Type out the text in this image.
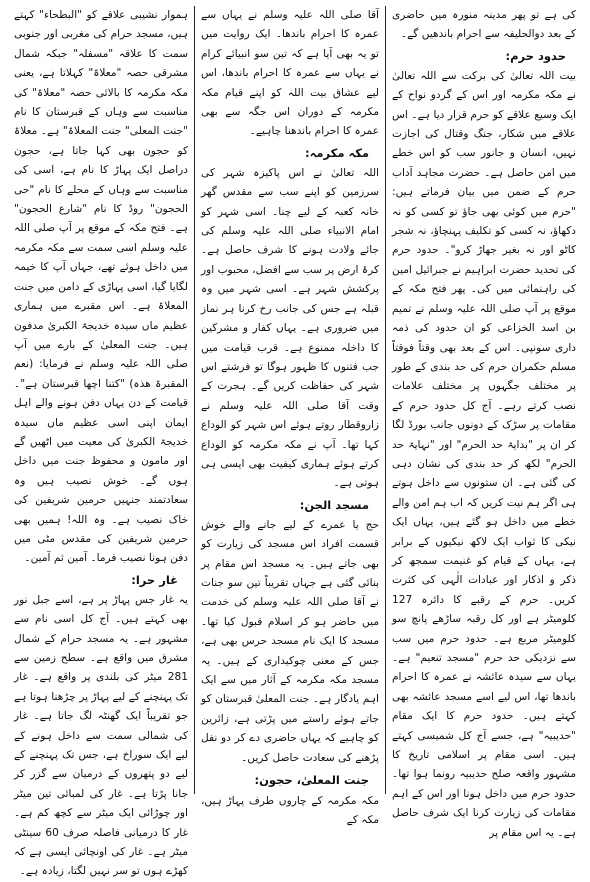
کی ہے تو پھر مدینہ منورہ میں حاضری کے بعد دوالحلیفہ سے احرام باندھیں گے۔

حدود حرم:

بیت اللہ تعالیٰ کی برکت سے اللہ تعالیٰ نے مکہ مکرمہ اور اس کے گردو نواح کے ایک وسیع علاقے کو حرم قرار دیا ہے۔ اس علاقے میں شکار، جنگ وقتال کی اجازت نہیں، انسان و جانور سب کو اس خطے میں امن حاصل ہے۔ حضرت مجاہد آداب حرم کے ضمن میں بیان فرماتے ہیں: "حرم میں کوئی بھی جاؤ تو کسی کو نہ دکھاؤ، نہ کسی کو تکلیف پہنچاؤ، نہ شجر کاٹو اور نہ بغیر جھاڑ کرو"۔ حدود حرم کی تحدید حضرت ابراہیم نے جبرائیل امین کی راہنمائی میں کی۔ پھر فتح مکہ کے موقع پر آپ صلی اللہ علیہ وسلم نے تمیم بن اسد الخزاعی کو ان حدود کی ذمہ داری سونپی۔ اس کے بعد بھی وقتاً فوقتاً مسلم حکمران حرم کی حد بندی کے طور پر مختلف جگہوں پر مختلف علامات نصب کرتے رہے۔ آج کل حدود حرم کے مقامات پر سڑک کے دونوں جانب بورڈ لگا کر ان پر "بدایۃ حد الحرم" اور "نہایۃ حد الحرم" لکھ کر حد بندی کی نشان دہی کی گئی ہے۔ ان ستونوں سے داخل ہوتے ہی اگر ہم نیت کریں کہ اب ہم امن والے خطے میں داخل ہو گئے ہیں، یہاں ایک نیکی کا ثواب ایک لاکھ نیکیوں کے برابر ہے، یہاں کے قیام کو غنیمت سمجھ کر ذکر و اذکار اور عبادات الٰہی کی کثرت کریں۔ حرم کے رقبے کا دائرہ 127 کلومیٹر ہے اور کل رقبہ ساڑھے پانچ سو کلومیٹر مربع ہے۔ حدود حرم میں سب سے نزدیکی حد حرم "مسجد تنعیم" ہے۔ یہاں سے سیدہ عائشہ نے عمرہ کا احرام باندھا تھا، اس لیے اسے مسجد عائشہ بھی کہتے ہیں۔ حدود حرم کا ایک مقام "حدیبیہ" ہے، جسے آج کل شمیسی کہتے ہیں۔ اسی مقام پر اسلامی تاریخ کا مشہور واقعہ صلح حدیبیہ رونما ہوا تھا۔ حدود حرم میں داخل ہونا اور اس کے اہم مقامات کی زیارت کرنا ایک شرف حاصل ہے۔ یہ اس مقام پر

آقا صلی اللہ علیہ وسلم نے یہاں سے عمرہ کا احرام باندھا۔ ایک روایت میں تو یہ بھی آیا ہے کہ تین سو انبیائے کرام نے یہاں سے عمرہ کا احرام باندھا، اس لیے عشاق بیت اللہ کو اپنے قیام مکہ مکرمہ کے دوران اس جگہ سے بھی عمرہ کا احرام باندھنا چاہیے۔

مکہ مکرمہ:

اللہ تعالیٰ نے اس پاکیزہ شہر کی سرزمین کو اپنے سب سے مقدس گھر خانہ کعبہ کے لیے چنا۔ اسی شہر کو امام الانبیاء صلی اللہ علیہ وسلم کی جائے ولادت ہونے کا شرف حاصل ہے۔ کرۂ ارض پر سب سے افضل، محبوب اور پرکشش شہر ہے۔ اسی شہر میں وہ قبلہ ہے جس کی جانب رخ کرنا ہر نماز میں ضروری ہے۔ یہاں کفار و مشرکین کا داخلہ ممنوع ہے۔ قرب قیامت میں جب فتنوں کا ظہور ہوگا تو فرشتے اس شہر کی حفاظت کریں گے۔ ہجرت کے وقت آقا صلی اللہ علیہ وسلم نے زاروقطار روتے ہوئے اس شہر کو الوداع کہا تھا۔ آپ نے مکہ مکرمہ کو الوداع کرتے ہوئے ہماری کیفیت بھی ایسی ہی ہوتی ہے۔

مسجد الجن:

حج یا عمرے کے لیے جانے والے خوش قسمت افراد اس مسجد کی زیارت کو بھی جاتے ہیں۔ یہ مسجد اس مقام پر بنائی گئی ہے جہاں تقریباً تین سو جنات نے آقا صلی اللہ علیہ وسلم کی خدمت میں حاضر ہو کر اسلام قبول کیا تھا۔ مسجد کا ایک نام مسجد حرس بھی ہے، جس کے معنی چوکیداری کے ہیں۔ یہ مسجد مکہ مکرمہ کے آثار میں سے ایک اہم یادگار ہے۔ جنت المعلیٰ قبرستان کو جاتے ہوئے راستے میں پڑتی ہے، زائرین کو چاہیے کہ یہاں حاضری دے کر دو نفل پڑھنے کی سعادت حاصل کریں۔

جنت المعلیٰ، حجون:

مکہ مکرمہ کے چاروں طرف پہاڑ ہیں، مکہ کے

ہموار نشیبی علاقے کو "البطحاء" کہتے ہیں، مسجد حرام کی مغربی اور جنوبی سمت کا علاقہ "مسفلہ" جبکہ شمال مشرقی حصہ "معلاۃ" کہلاتا ہے، یعنی مکہ مکرمہ کا بالائی حصہ "معلاۃ" کی مناسبت سے وہاں کے قبرستان کا نام "جنت المعلی" جنت المعلاۃ" ہے۔ معلاۃ کو حجون بھی کہا جاتا ہے، حجون دراصل ایک پہاڑ کا نام ہے، اسی کی مناسبت سے وہاں کے محلے کا نام "حی الحجون" روڈ کا نام "شارع الحجون" ہے۔ فتح مکہ کے موقع پر آپ صلی اللہ علیہ وسلم اسی سمت سے مکہ مکرمہ میں داخل ہوئے تھے، جہاں آپ کا خیمہ لگایا گیا، اسی پہاڑی کے دامن میں جنت المعلاۃ ہے۔ اس مقبرے میں ہماری عظیم ماں سیدہ خدیجۃ الکبریٰ مدفون ہیں۔ جنت المعلیٰ کے بارے میں آپ صلی اللہ علیہ وسلم نے فرمایا: (نعم المقبرۃ ھذہ) "کتنا اچھا قبرستان ہے"۔ قیامت کے دن یہاں دفن ہونے والے اہل ایمان اپنی اسی عظیم ماں سیدہ خدیجۃ الکبریٰ کی معیت میں اٹھیں گے اور مامون و محفوظ جنت میں داخل ہوں گے۔ خوش نصیب ہیں وہ سعادتمند جنہیں حرمین شریفین کی خاک نصیب ہے۔ وہ اللہ! ہمیں بھی حرمین شریفین کی مقدس مٹی میں دفن ہونا نصیب فرما۔ آمین ثم آمین۔

غار حرا:

یہ غار جس پہاڑ پر ہے، اسے جبل نور بھی کہتے ہیں۔ آج کل اسی نام سے مشہور ہے۔ یہ مسجد حرام کے شمال مشرق میں واقع ہے۔ سطح زمین سے 281 میٹر کی بلندی پر واقع ہے۔ غار تک پہنچنے کے لیے پہاڑ پر چڑھنا ہوتا ہے جو تقریباً ایک گھنٹہ لگ جاتا ہے۔ غار کی شمالی سمت سے داخل ہونے کے لیے ایک سوراخ ہے، جس تک پہنچنے کے لیے دو پتھروں کے درمیان سے گزر کر جانا پڑتا ہے۔ غار کی لمبائی تین میٹر اور چوڑائی ایک میٹر سے کچھ کم ہے۔ غار کا درمیانی فاصلہ صرف 60 سینٹی میٹر ہے۔ غار کی اونچائی ایسی ہے کہ کھڑے ہوں تو سر نہیں لگتا، زیادہ ہے۔
